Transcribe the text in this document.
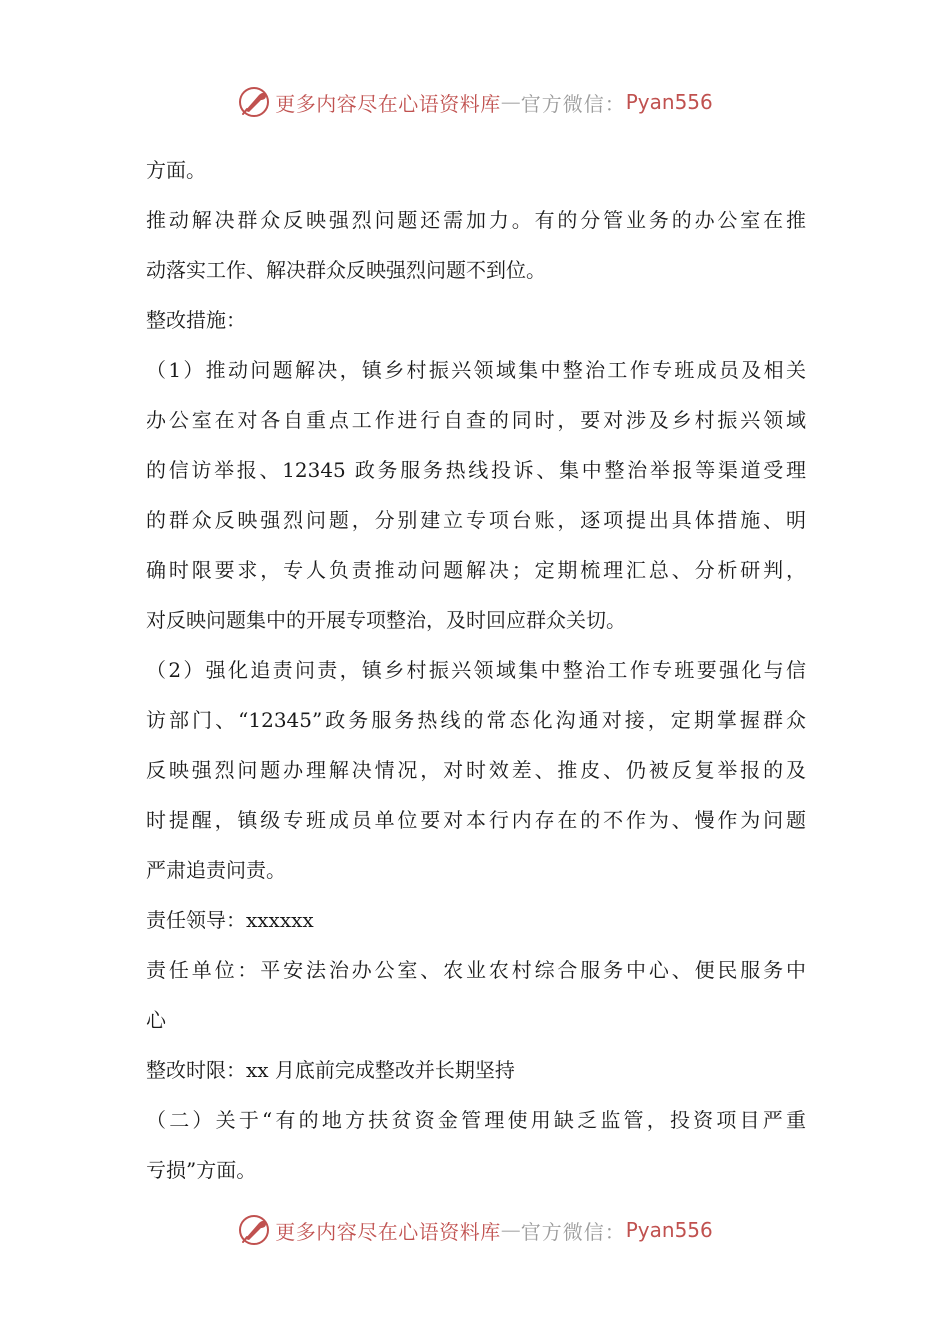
更多内容尽在心语资料库 — 官方微信： Pyan556
方面。
推动解决群众反映强烈问题还需加力。有的分管业务的办公室在推
动落实工作、解决群众反映强烈问题不到位。
整改措施：
（1）推动问题解决，镇乡村振兴领域集中整治工作专班成员及相关
办公室在对各自重点工作进行自查的同时，要对涉及乡村振兴领域
的信访举报、12345 政务服务热线投诉、集中整治举报等渠道受理
的群众反映强烈问题，分别建立专项台账，逐项提出具体措施、明
确时限要求，专人负责推动问题解决；定期梳理汇总、分析研判，
对反映问题集中的开展专项整治，及时回应群众关切。
（2）强化追责问责，镇乡村振兴领域集中整治工作专班要强化与信
访部门、“12345”政务服务热线的常态化沟通对接，定期掌握群众
反映强烈问题办理解决情况，对时效差、推皮、仍被反复举报的及
时提醒，镇级专班成员单位要对本行内存在的不作为、慢作为问题
严肃追责问责。
责任领导：xxxxxx
责任单位：平安法治办公室、农业农村综合服务中心、便民服务中
心
整改时限：xx 月底前完成整改并长期坚持
（二）关于“有的地方扶贫资金管理使用缺乏监管，投资项目严重
亏损”方面。
更多内容尽在心语资料库 — 官方微信： Pyan556
